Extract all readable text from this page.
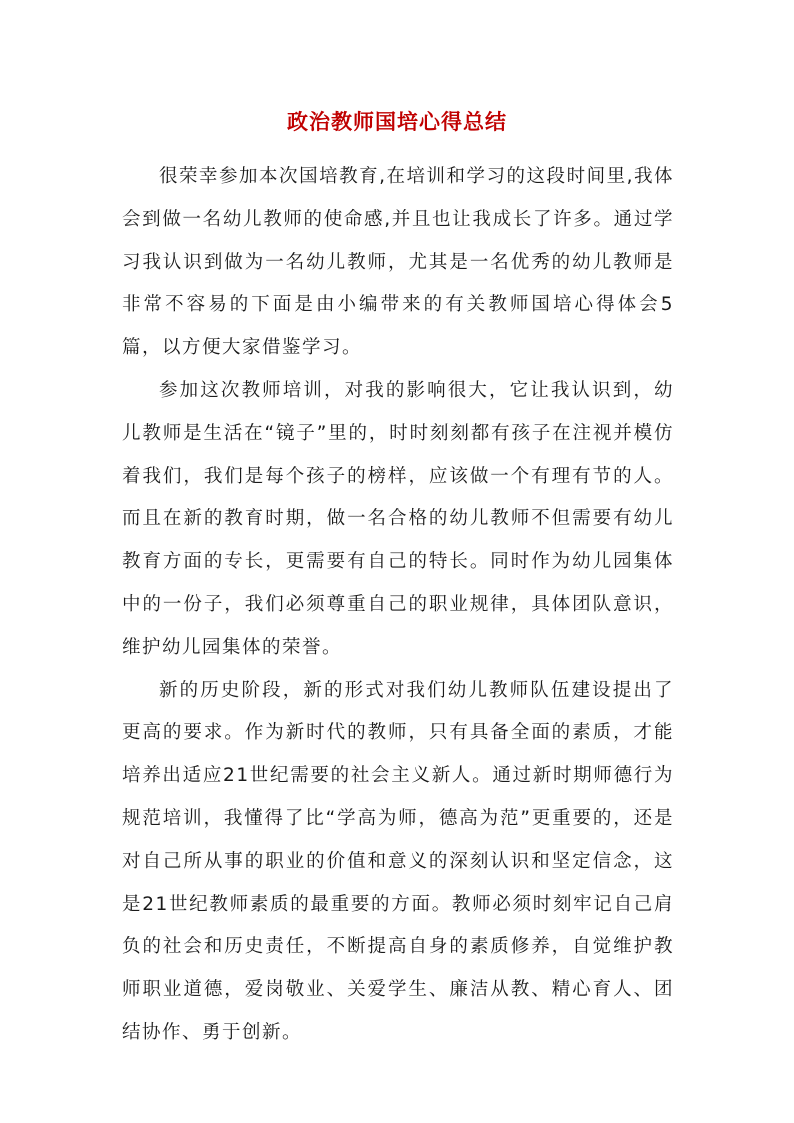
政治教师国培心得总结

很荣幸参加本次国培教育,在培训和学习的这段时间里,我体会到做一名幼儿教师的使命感,并且也让我成长了许多。通过学习我认识到做为一名幼儿教师，尤其是一名优秀的幼儿教师是非常不容易的下面是由小编带来的有关教师国培心得体会5篇，以方便大家借鉴学习。

参加这次教师培训，对我的影响很大，它让我认识到，幼儿教师是生活在“镜子”里的，时时刻刻都有孩子在注视并模仿着我们，我们是每个孩子的榜样，应该做一个有理有节的人。而且在新的教育时期，做一名合格的幼儿教师不但需要有幼儿教育方面的专长，更需要有自己的特长。同时作为幼儿园集体中的一份子，我们必须尊重自己的职业规律，具体团队意识，维护幼儿园集体的荣誉。

新的历史阶段，新的形式对我们幼儿教师队伍建设提出了更高的要求。作为新时代的教师，只有具备全面的素质，才能培养出适应21世纪需要的社会主义新人。通过新时期师德行为规范培训，我懂得了比“学高为师，德高为范”更重要的，还是对自己所从事的职业的价值和意义的深刻认识和坚定信念，这是21世纪教师素质的最重要的方面。教师必须时刻牢记自己肩负的社会和历史责任，不断提高自身的素质修养，自觉维护教师职业道德，爱岗敬业、关爱学生、廉洁从教、精心育人、团结协作、勇于创新。
